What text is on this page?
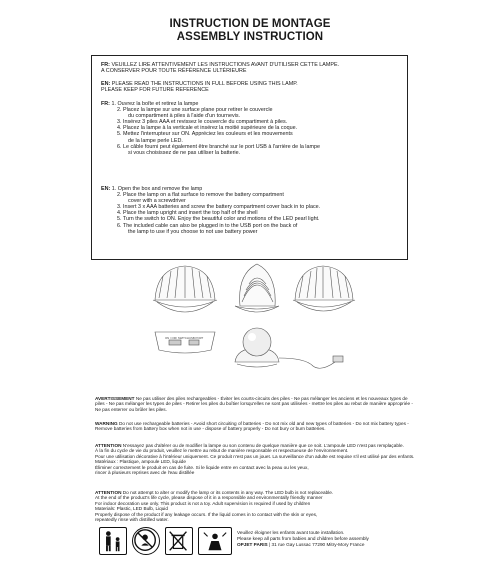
INSTRUCTION DE MONTAGE
ASSEMBLY INSTRUCTION
FR: VEUILLEZ LIRE ATTENTIVEMENT LES INSTRUCTIONS AVANT D'UTILISER CETTE LAMPE.
A CONSERVER POUR TOUTE RÉFÉRENCE ULTÉRIEURE
EN: PLEASE READ THE INSTRUCTIONS IN FULL BEFORE USING THIS LAMP.
PLEASE KEEP FOR FUTURE REFERENCE
FR: 1. Ouvrez la boîte et retirez la lampe
2. Placez la lampe sur une surface plane pour retirer le couvercle
du compartiment à piles à l'aide d'un tournevis.
3. Insérez 3 piles AAA et revissez le couvercle du compartiment à piles.
4. Placez la lampe à la verticale et insérez la moitié supérieure de la coque.
5. Mettez l'interrupteur sur ON. Appréciez les couleurs et les mouvements
de la lampe perle LED.
6. Le câble fourni peut également être branché sur le port USB à l'arrière de la lampe
si vous choisissez de ne pas utiliser la batterie.
EN: 1. Open the box and remove the lamp
2. Place the lamp on a flat surface to remove the battery compartment
cover with a screwdriver
3. Insert 3 x AAA batteries and screw the battery compartment cover back in to place.
4. Place the lamp upright and insert the top half of the shell
5. Turn the switch to ON. Enjoy the beautiful color and motions of the LED pearl light.
6. The included cable can also be plugged in to the USB port on the back of
the lamp to use if you choose to not use battery power
ON / OFF SWITCH USB PORT

AVERTISSEMENT Ne pas utiliser des piles rechargeables - Éviter les courts-circuits des piles - Ne pas mélanger les anciens et les nouveaux types de piles - Ne pas mélanger les types de piles - Retirer les piles du boîtier lorsqu'elles ne sont pas utilisées - mettre les piles au rebut de manière appropriée - Ne pas enterrer ou brûler les piles.

WARNING Do not use rechargeable batteries - Avoid short circuiting of batteries - Do not mix old and new types of batteries - Do not mix battery types - Remove batteries from battery box when not in use - dispose of battery properly - Do not bury or burn batteries.

ATTENTION N'essayez pas d'altérer ou de modifier la lampe ou son contenu de quelque manière que ce soit. L'ampoule LED n'est pas remplaçable.

À la fin du cycle de vie du produit, veuillez le mettre au rebut de manière responsable et respectueuse de l'environnement.

Pour une utilisation décorative à l'intérieur uniquement. Ce produit n'est pas un jouet. La surveillance d'un adulte est requise s'il est utilisé par des enfants.

Matériaux : Plastique, ampoule LED, liquide

Éliminer correctement le produit en cas de fuite. Si le liquide entre en contact avec la peau ou les yeux,

rincer à plusieurs reprises avec de l'eau distillée

ATTENTION Do not attempt to alter or modify the lamp or its contents in any way. The LED bulb is not replaceable.

At the end of the product's life cycle, please dispose of it in a responsible and environmentally friendly manner

For indoor decoration use only. This product is not a toy. Adult supervision is required if used by children

Materials: Plastic, LED Bulb, Liquid

Properly dispose of the product if any leakage occurs. If the liquid comes in to contact with the skin or eyes,

repeatedly rinse with distilled water.

Veuillez éloigner les enfants avant toute installation.
Please keep all parts from babies and children before assembly
OPJET PARIS | 31 rue Gay Lussac 77290 Mitry-Mory France
